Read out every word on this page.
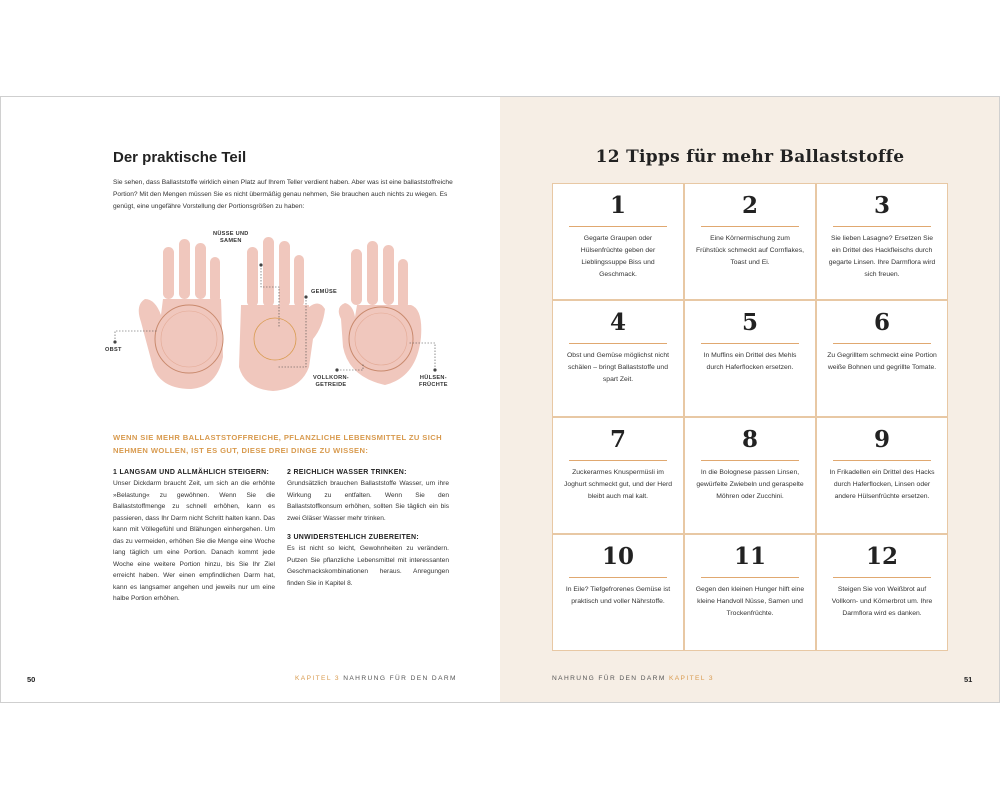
Der praktische Teil

Sie sehen, dass Ballaststoffe wirklich einen Platz auf Ihrem Teller verdient haben. Aber was ist eine ballaststoffreiche Portion? Mit den Mengen müssen Sie es nicht übermäßig genau nehmen, Sie brauchen auch nichts zu wiegen. Es genügt, eine ungefähre Vorstellung der Portionsgrößen zu haben:

NÜSSE UND
SAMEN
GEMÜSE
OBST
VOLLKORN-
GETREIDE
HÜLSEN-
FRÜCHTE

WENN SIE MEHR BALLASTSTOFFREICHE, PFLANZLICHE LEBENSMITTEL ZU SICH NEHMEN WOLLEN, IST ES GUT, DIESE DREI DINGE ZU WISSEN:

1 LANGSAM UND ALLMÄHLICH STEIGERN:

Unser Dickdarm braucht Zeit, um sich an die erhöhte »Belastung« zu gewöhnen. Wenn Sie die Ballaststoffmenge zu schnell erhöhen, kann es passieren, dass Ihr Darm nicht Schritt halten kann. Das kann mit Völlegefühl und Blähungen einhergehen. Um das zu vermeiden, erhöhen Sie die Menge eine Woche lang täglich um eine Portion. Danach kommt jede Woche eine weitere Portion hinzu, bis Sie Ihr Ziel erreicht haben. Wer einen empfindlichen Darm hat, kann es langsamer angehen und jeweils nur um eine halbe Portion erhöhen.

2 REICHLICH WASSER TRINKEN:

Grundsätzlich brauchen Ballaststoffe Wasser, um ihre Wirkung zu entfalten. Wenn Sie den Ballaststoffkonsum erhöhen, sollten Sie täglich ein bis zwei Gläser Wasser mehr trinken.

3 UNWIDERSTEHLICH ZUBEREITEN:

Es ist nicht so leicht, Gewohnheiten zu verändern. Putzen Sie pflanzliche Lebensmittel mit interessanten Geschmackskombinationen heraus. Anregungen finden Sie in Kapitel 8.

50	KAPITEL 3 NAHRUNG FÜR DEN DARM
12 Tipps für mehr Ballaststoffe
1
Gegarte Graupen oder Hülsenfrüchte geben der Lieblingssuppe Biss und Geschmack.
2
Eine Körnermischung zum Frühstück schmeckt auf Cornflakes, Toast und Ei.
3
Sie lieben Lasagne? Ersetzen Sie ein Drittel des Hackfleischs durch gegarte Linsen. Ihre Darmflora wird sich freuen.
4
Obst und Gemüse möglichst nicht schälen – bringt Ballaststoffe und spart Zeit.
5
In Muffins ein Drittel des Mehls durch Haferflocken ersetzen.
6
Zu Gegrilltem schmeckt eine Portion weiße Bohnen und gegrillte Tomate.
7
Zuckerarmes Knuspermüsli im Joghurt schmeckt gut, und der Herd bleibt auch mal kalt.
8
In die Bolognese passen Linsen, gewürfelte Zwiebeln und geraspelte Möhren oder Zucchini.
9
In Frikadellen ein Drittel des Hacks durch Haferflocken, Linsen oder andere Hülsenfrüchte ersetzen.
10
In Eile? Tiefgefrorenes Gemüse ist praktisch und voller Nährstoffe.
11
Gegen den kleinen Hunger hilft eine kleine Handvoll Nüsse, Samen und Trockenfrüchte.
12
Steigen Sie von Weißbrot auf Vollkorn- und Körnerbrot um. Ihre Darmflora wird es danken.
NAHRUNG FÜR DEN DARM KAPITEL 3	51
